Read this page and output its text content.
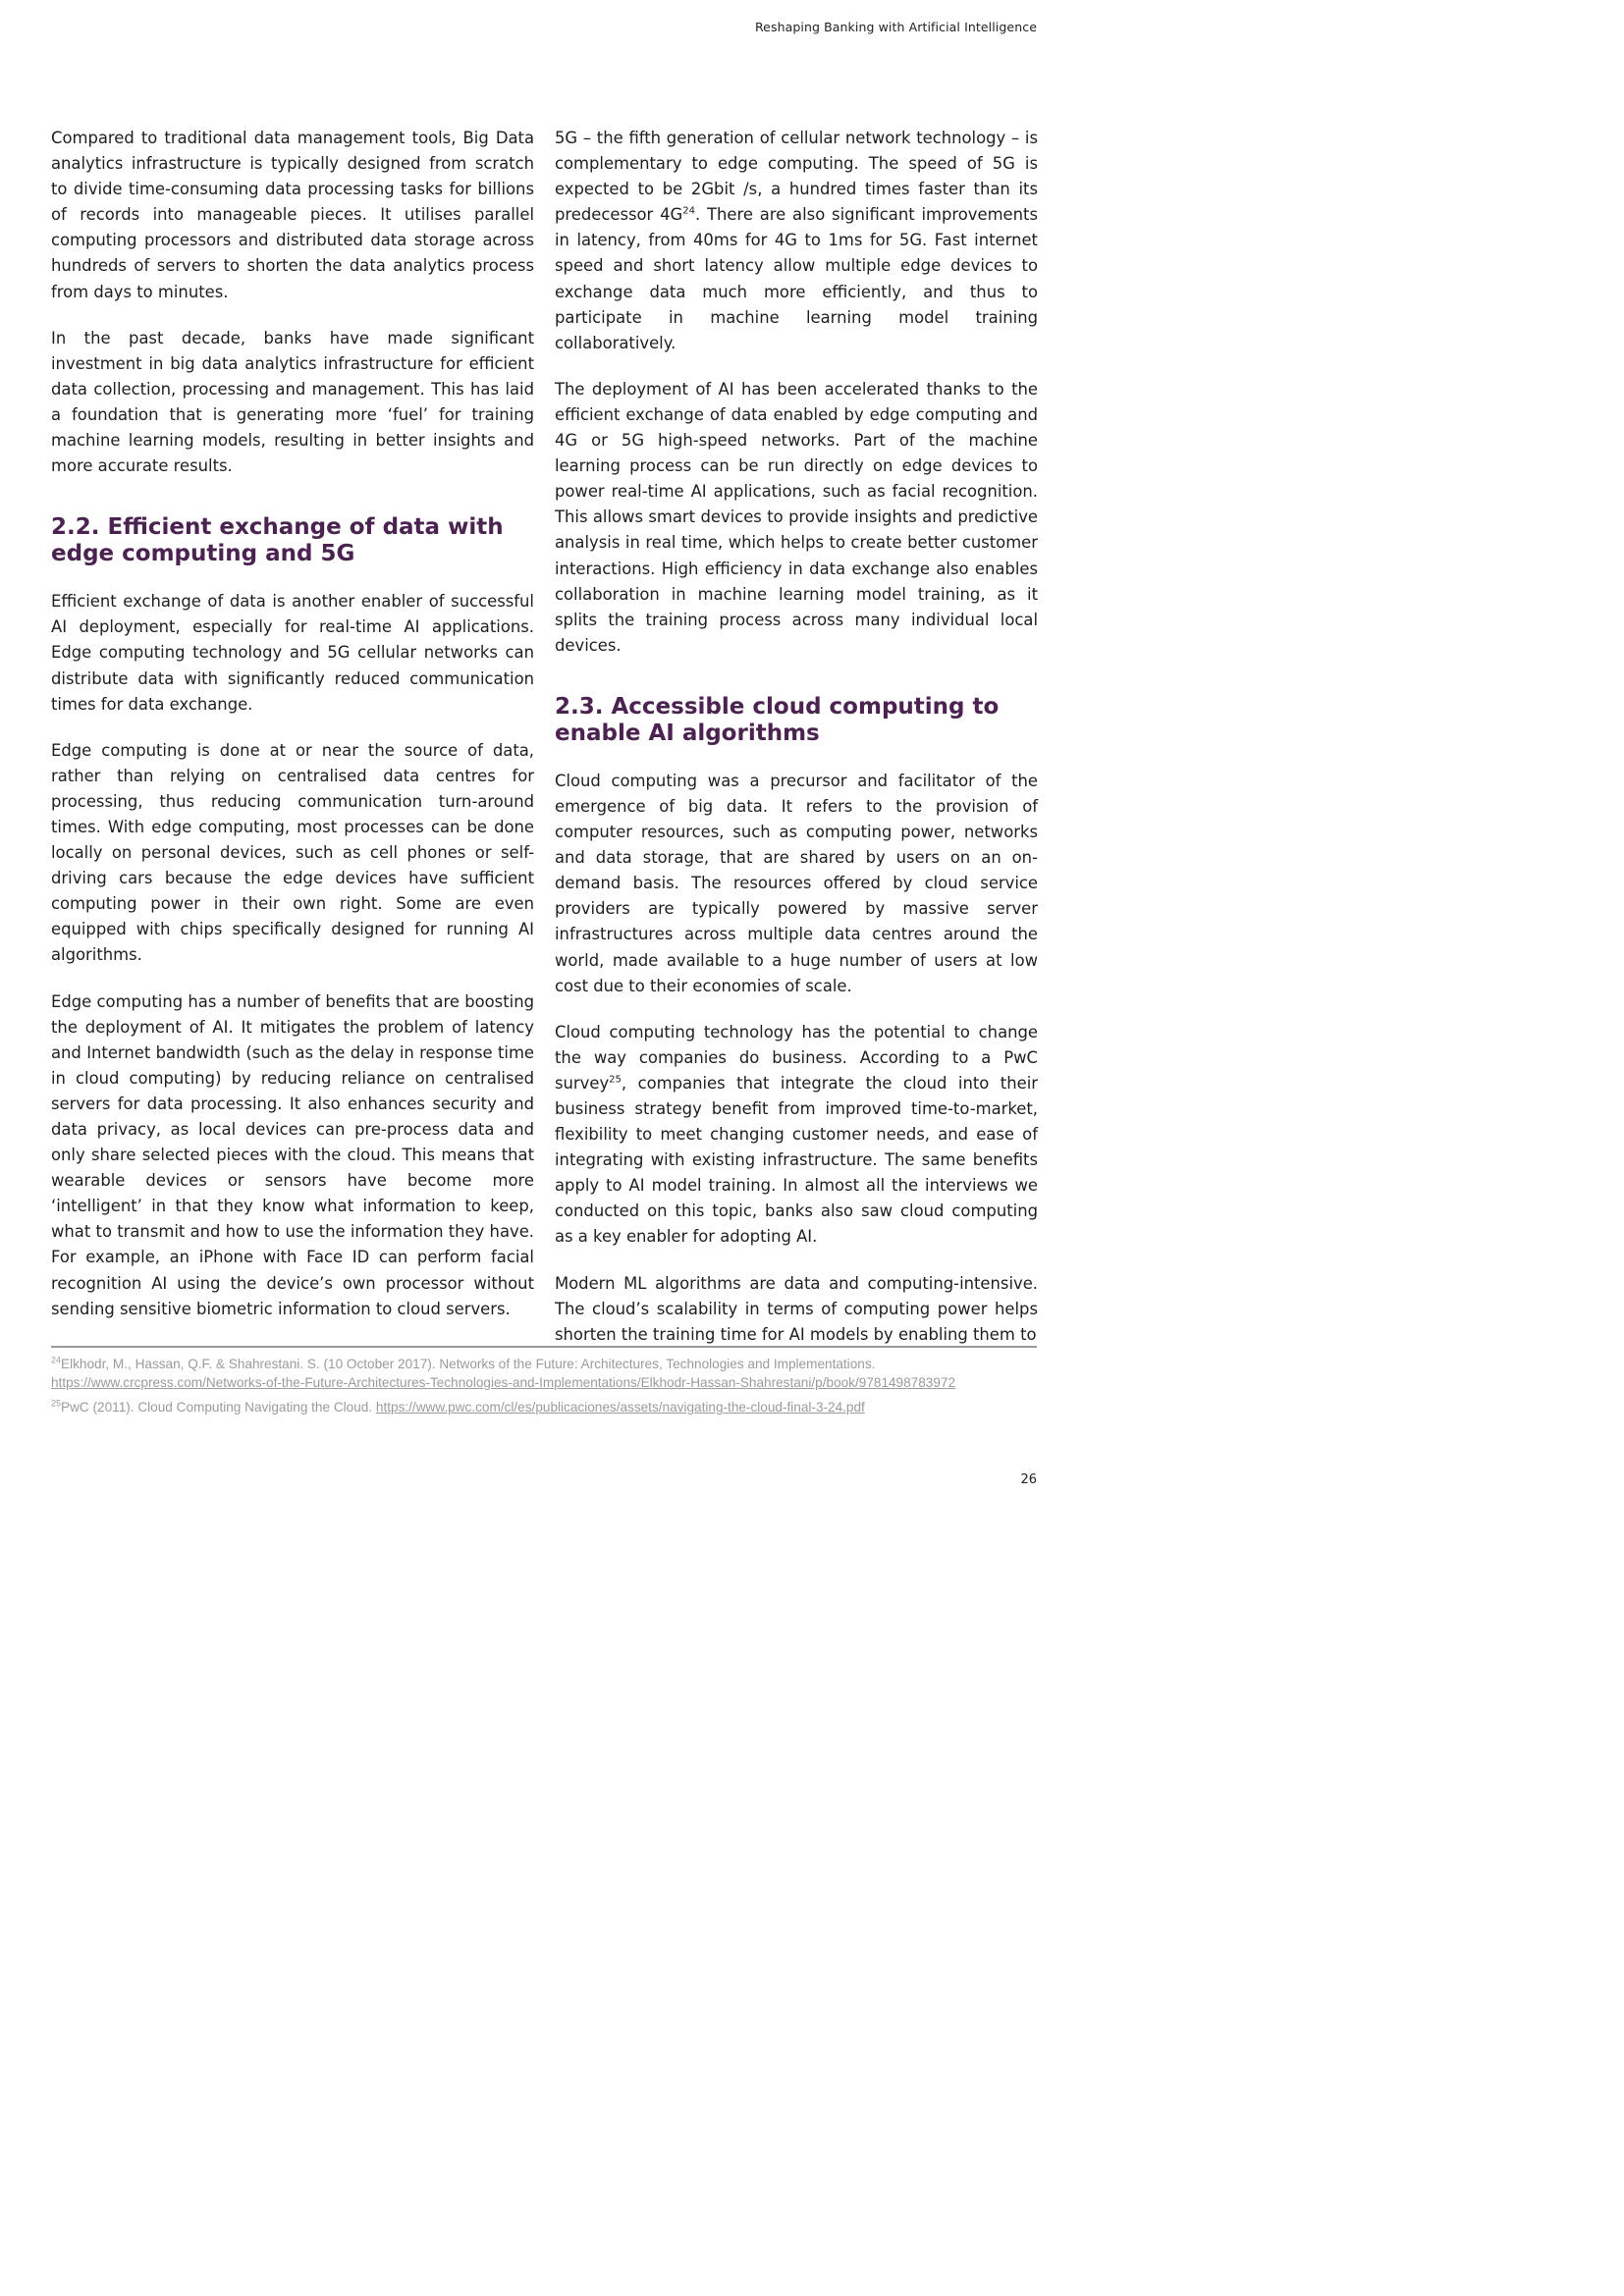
Reshaping Banking with Artificial Intelligence

Compared to traditional data management tools, Big Data analytics infrastructure is typically designed from scratch to divide time-consuming data processing tasks for billions of records into manageable pieces. It utilises parallel computing processors and distributed data storage across hundreds of servers to shorten the data analytics process from days to minutes.

In the past decade, banks have made significant investment in big data analytics infrastructure for efficient data collection, processing and management. This has laid a foundation that is generating more ‘fuel’ for training machine learning models, resulting in better insights and more accurate results.

2.2. Efficient exchange of data with edge computing and 5G

Efficient exchange of data is another enabler of successful AI deployment, especially for real-time AI applications. Edge computing technology and 5G cellular networks can distribute data with significantly reduced communication times for data exchange.

Edge computing is done at or near the source of data, rather than relying on centralised data centres for processing, thus reducing communication turn-around times. With edge computing, most processes can be done locally on personal devices, such as cell phones or self-driving cars because the edge devices have sufficient computing power in their own right. Some are even equipped with chips specifically designed for running AI algorithms.

Edge computing has a number of benefits that are boosting the deployment of AI. It mitigates the problem of latency and Internet bandwidth (such as the delay in response time in cloud computing) by reducing reliance on centralised servers for data processing. It also enhances security and data privacy, as local devices can pre-process data and only share selected pieces with the cloud. This means that wearable devices or sensors have become more ‘intelligent’ in that they know what information to keep, what to transmit and how to use the information they have. For example, an iPhone with Face ID can perform facial recognition AI using the device’s own processor without sending sensitive biometric information to cloud servers.

5G – the fifth generation of cellular network technology – is complementary to edge computing. The speed of 5G is expected to be 2Gbit /s, a hundred times faster than its predecessor $4G^{24}$. There are also significant improvements in latency, from 40ms for 4G to 1ms for 5G. Fast internet speed and short latency allow multiple edge devices to exchange data much more efficiently, and thus to participate in machine learning model training collaboratively.

The deployment of AI has been accelerated thanks to the efficient exchange of data enabled by edge computing and 4G or 5G high-speed networks. Part of the machine learning process can be run directly on edge devices to power real-time AI applications, such as facial recognition. This allows smart devices to provide insights and predictive analysis in real time, which helps to create better customer interactions. High efficiency in data exchange also enables collaboration in machine learning model training, as it splits the training process across many individual local devices.

2.3. Accessible cloud computing to enable AI algorithms

Cloud computing was a precursor and facilitator of the emergence of big data. It refers to the provision of computer resources, such as computing power, networks and data storage, that are shared by users on an on-demand basis. The resources offered by cloud service providers are typically powered by massive server infrastructures across multiple data centres around the world, made available to a huge number of users at low cost due to their economies of scale.

Cloud computing technology has the potential to change the way companies do business. According to a PwC survey$^{25}$, companies that integrate the cloud into their business strategy benefit from improved time-to-market, flexibility to meet changing customer needs, and ease of integrating with existing infrastructure. The same benefits apply to AI model training. In almost all the interviews we conducted on this topic, banks also saw cloud computing as a key enabler for adopting AI.

Modern ML algorithms are data and computing-intensive. The cloud’s scalability in terms of computing power helps shorten the training time for AI models by enabling them to

$^{24}$Elkhodr, M., Hassan, Q.F. & Shahrestani. S. (10 October 2017). Networks of the Future: Architectures, Technologies and Implementations. https://www.crcpress.com/Networks-of-the-Future-Architectures-Technologies-and-Implementations/Elkhodr-Hassan-Shahrestani/p/book/9781498783972
$^{25}$PwC (2011). Cloud Computing Navigating the Cloud. https://www.pwc.com/cl/es/publicaciones/assets/navigating-the-cloud-final-3-24.pdf
26
